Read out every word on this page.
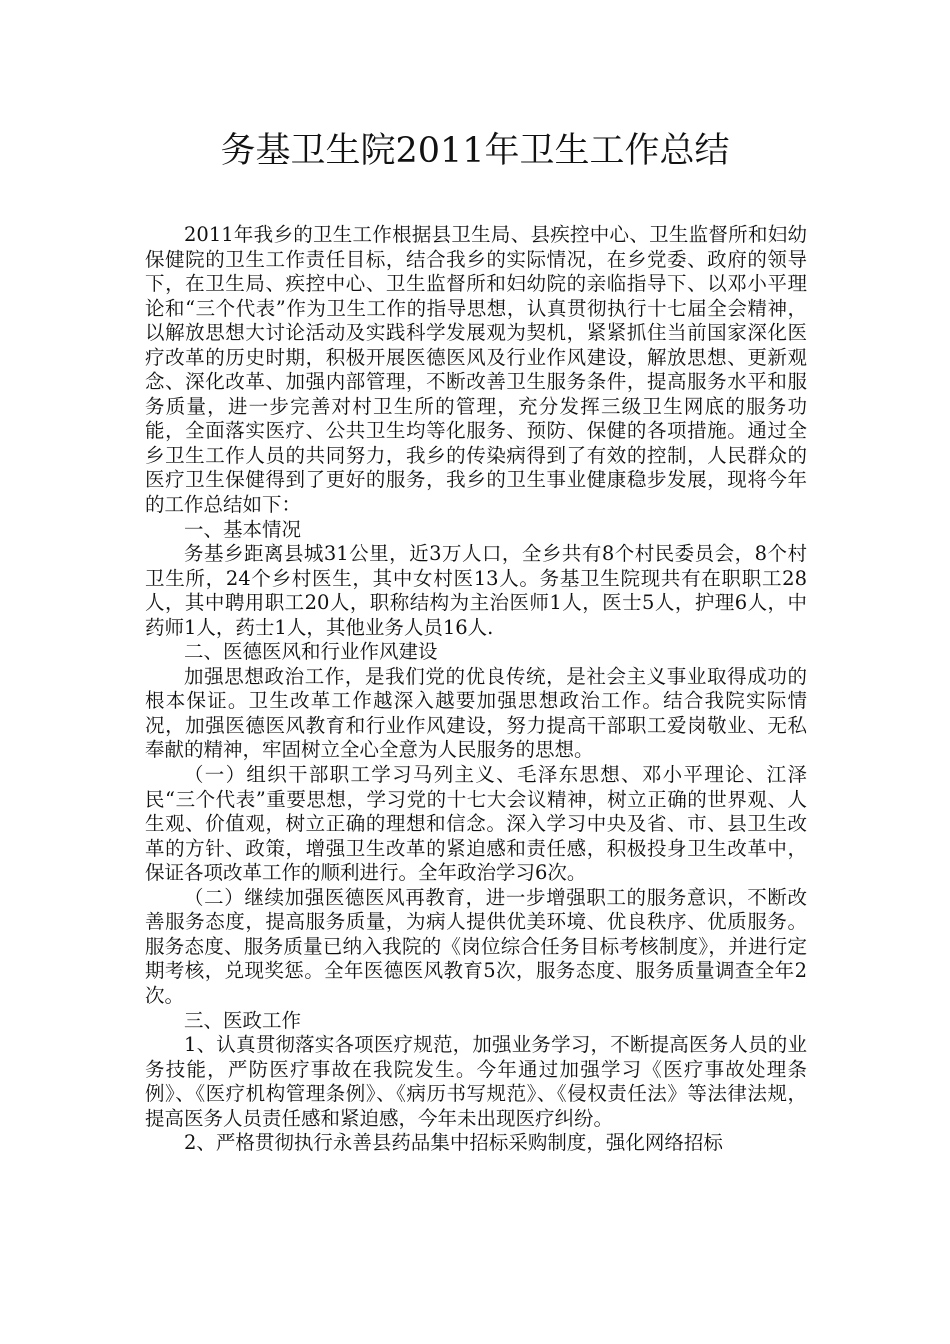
务基卫生院2011年卫生工作总结

2011年我乡的卫生工作根据县卫生局、县疾控中心、卫生监督所和妇幼保健院的卫生工作责任目标，结合我乡的实际情况，在乡党委、政府的领导下，在卫生局、疾控中心、卫生监督所和妇幼院的亲临指导下、以邓小平理论和“三个代表”作为卫生工作的指导思想，认真贯彻执行十七届全会精神，以解放思想大讨论活动及实践科学发展观为契机，紧紧抓住当前国家深化医疗改革的历史时期，积极开展医德医风及行业作风建设，解放思想、更新观念、深化改革、加强内部管理，不断改善卫生服务条件，提高服务水平和服务质量，进一步完善对村卫生所的管理，充分发挥三级卫生网底的服务功能，全面落实医疗、公共卫生均等化服务、预防、保健的各项措施。通过全乡卫生工作人员的共同努力，我乡的传染病得到了有效的控制，人民群众的医疗卫生保健得到了更好的服务，我乡的卫生事业健康稳步发展，现将今年的工作总结如下：

一、基本情况

务基乡距离县城31公里，近3万人口，全乡共有8个村民委员会，8个村卫生所，24个乡村医生，其中女村医13人。务基卫生院现共有在职职工28人，其中聘用职工20人，职称结构为主治医师1人，医士5人，护理6人，中药师1人，药士1人，其他业务人员16人.

二、医德医风和行业作风建设

加强思想政治工作，是我们党的优良传统，是社会主义事业取得成功的根本保证。卫生改革工作越深入越要加强思想政治工作。结合我院实际情况，加强医德医风教育和行业作风建设，努力提高干部职工爱岗敬业、无私奉献的精神，牢固树立全心全意为人民服务的思想。

（一）组织干部职工学习马列主义、毛泽东思想、邓小平理论、江泽民“三个代表”重要思想，学习党的十七大会议精神，树立正确的世界观、人生观、价值观，树立正确的理想和信念。深入学习中央及省、市、县卫生改革的方针、政策，增强卫生改革的紧迫感和责任感，积极投身卫生改革中，保证各项改革工作的顺利进行。全年政治学习6次。

（二）继续加强医德医风再教育，进一步增强职工的服务意识，不断改善服务态度，提高服务质量，为病人提供优美环境、优良秩序、优质服务。服务态度、服务质量已纳入我院的《岗位综合任务目标考核制度》，并进行定期考核，兑现奖惩。全年医德医风教育5次，服务态度、服务质量调查全年2次。

三、医政工作

1、认真贯彻落实各项医疗规范，加强业务学习，不断提高医务人员的业务技能，严防医疗事故在我院发生。今年通过加强学习《医疗事故处理条例》、《医疗机构管理条例》、《病历书写规范》、《侵权责任法》等法律法规，提高医务人员责任感和紧迫感，今年未出现医疗纠纷。

2、严格贯彻执行永善县药品集中招标采购制度，强化网络招标
